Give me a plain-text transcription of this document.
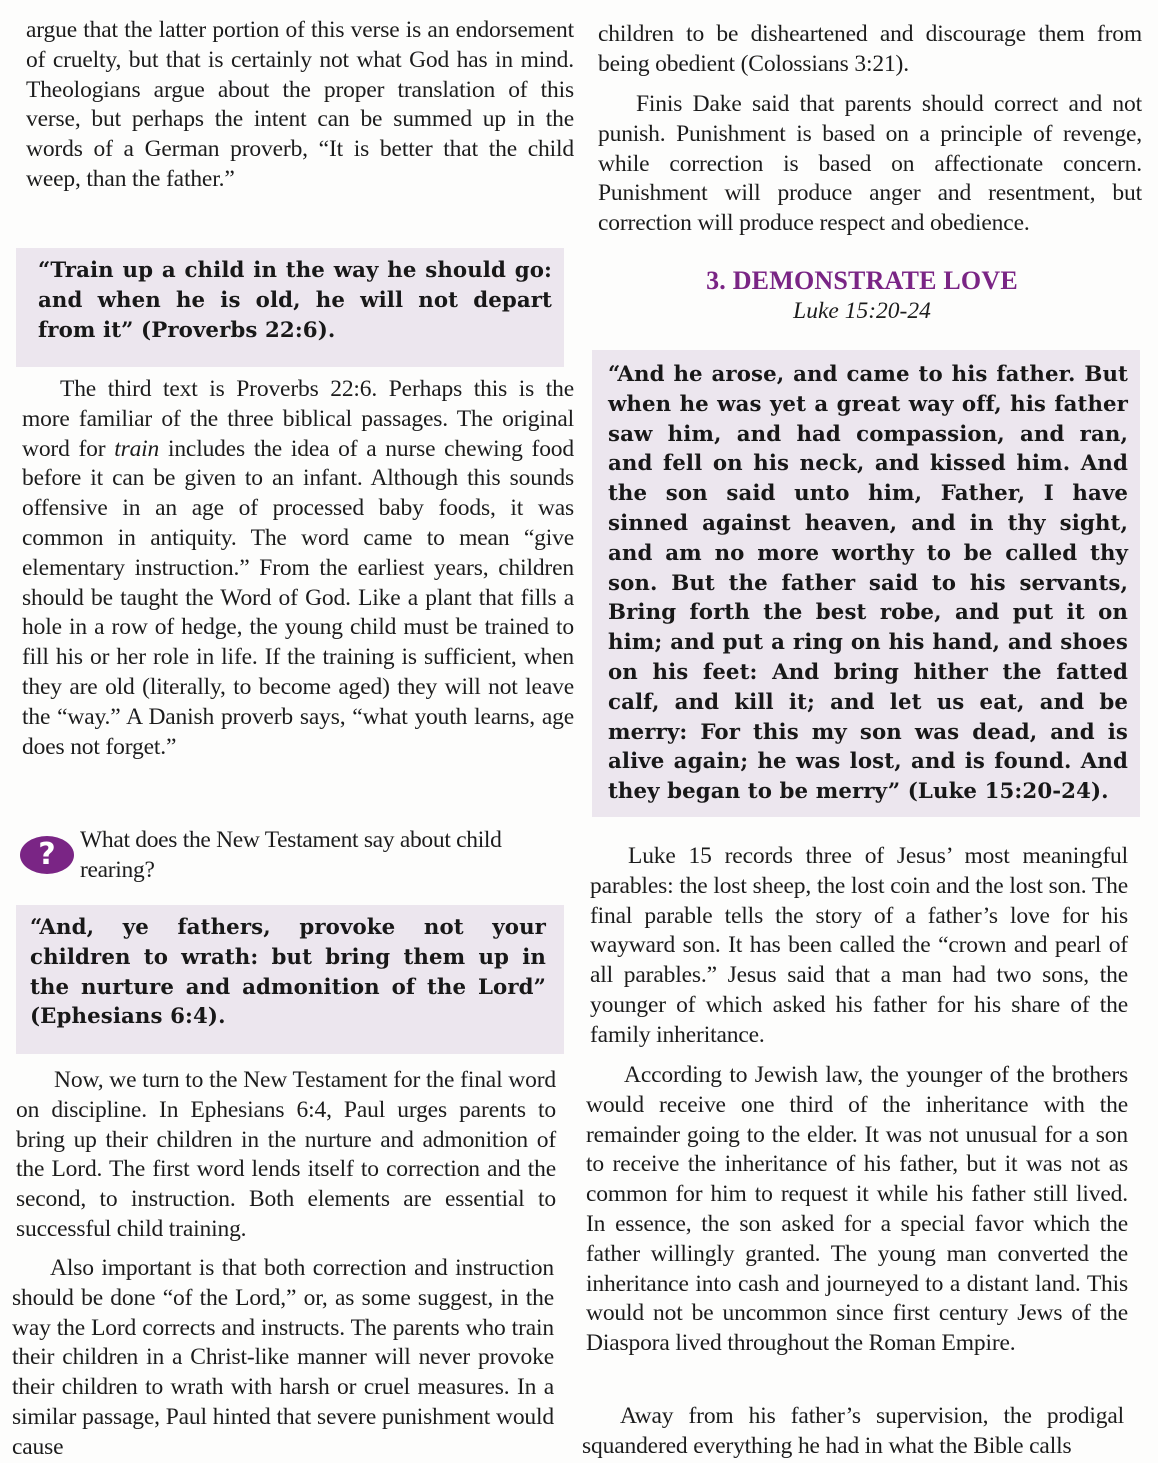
argue that the latter portion of this verse is an endorsement of cruelty, but that is certainly not what God has in mind. Theologians argue about the proper translation of this verse, but perhaps the intent can be summed up in the words of a German proverb, “It is better that the child weep, than the father.”

“Train up a child in the way he should go: and when he is old, he will not depart from it” (Proverbs 22:6).

The third text is Proverbs 22:6. Perhaps this is the more familiar of the three biblical passages. The original word for train includes the idea of a nurse chewing food before it can be given to an infant. Although this sounds offensive in an age of processed baby foods, it was common in antiquity. The word came to mean “give elementary instruction.” From the earliest years, children should be taught the Word of God. Like a plant that fills a hole in a row of hedge, the young child must be trained to fill his or her role in life. If the training is sufficient, when they are old (literally, to become aged) they will not leave the “way.” A Danish proverb says, “what youth learns, age does not forget.”

?	What does the New Testament say about child rearing?

“And, ye fathers, provoke not your children to wrath: but bring them up in the nurture and admonition of the Lord” (Ephesians 6:4).

Now, we turn to the New Testament for the final word on discipline. In Ephesians 6:4, Paul urges parents to bring up their children in the nurture and admonition of the Lord. The first word lends itself to correction and the second, to instruction. Both elements are essential to successful child training.

Also important is that both correction and instruction should be done “of the Lord,” or, as some suggest, in the way the Lord corrects and instructs. The parents who train their children in a Christ-like manner will never provoke their children to wrath with harsh or cruel measures. In a similar passage, Paul hinted that severe punishment would cause

children to be disheartened and discourage them from being obedient (Colossians 3:21).

Finis Dake said that parents should correct and not punish. Punishment is based on a principle of revenge, while correction is based on affectionate concern. Punishment will produce anger and resentment, but correction will produce respect and obedience.

3. DEMONSTRATE LOVE

Luke 15:20-24

“And he arose, and came to his father. But when he was yet a great way off, his father saw him, and had compassion, and ran, and fell on his neck, and kissed him. And the son said unto him, Father, I have sinned against heaven, and in thy sight, and am no more worthy to be called thy son. But the father said to his servants, Bring forth the best robe, and put it on him; and put a ring on his hand, and shoes on his feet: And bring hither the fatted calf, and kill it; and let us eat, and be merry: For this my son was dead, and is alive again; he was lost, and is found. And they began to be merry” (Luke 15:20-24).

Luke 15 records three of Jesus’ most meaningful parables: the lost sheep, the lost coin and the lost son. The final parable tells the story of a father’s love for his wayward son. It has been called the “crown and pearl of all parables.” Jesus said that a man had two sons, the younger of which asked his father for his share of the family inheritance.

According to Jewish law, the younger of the brothers would receive one third of the inheritance with the remainder going to the elder. It was not unusual for a son to receive the inheritance of his father, but it was not as common for him to request it while his father still lived. In essence, the son asked for a special favor which the father willingly granted. The young man converted the inheritance into cash and journeyed to a distant land. This would not be uncommon since first century Jews of the Diaspora lived throughout the Roman Empire.

Away from his father’s supervision, the prodigal squandered everything he had in what the Bible calls
